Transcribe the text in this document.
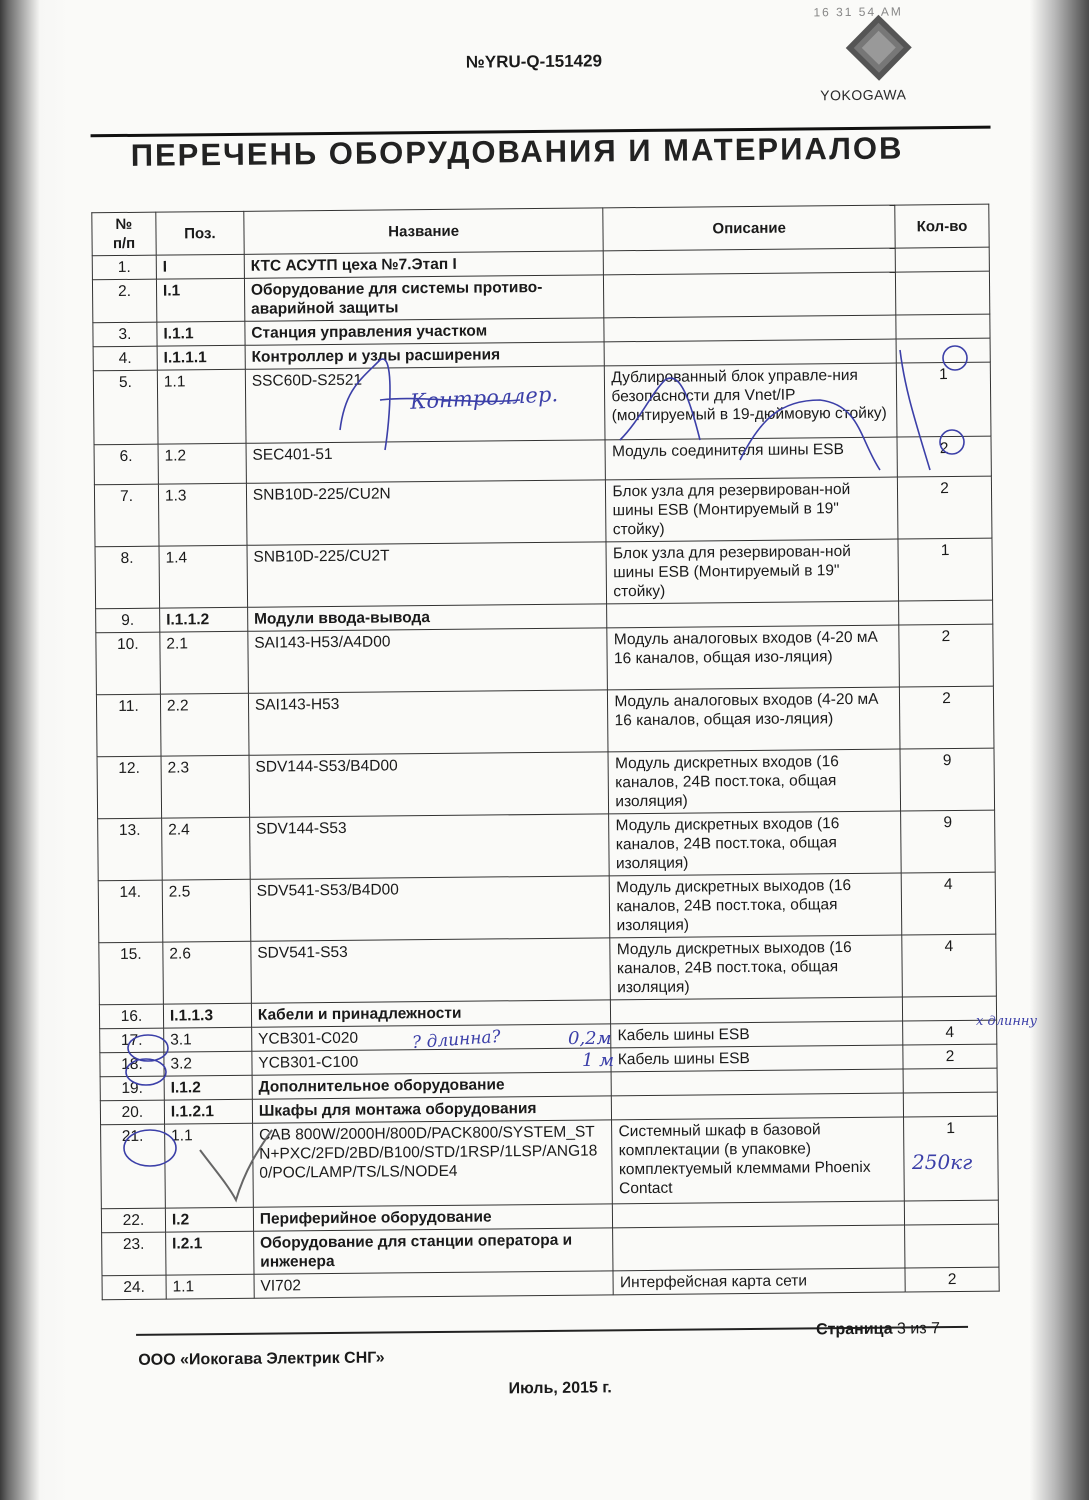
16 31 54 AM
№YRU-Q-151429
YOKOGAWA
ПЕРЕЧЕНЬ ОБОРУДОВАНИЯ И МАТЕРИАЛОВ
№
п/п	Поз.	Название	Описание	Кол-во
1.	I	КТС АСУТП цеха №7.Этап I		
2.	I.1	Оборудование для системы противо-аварийной защиты		
3.	I.1.1	Станция управления участком		
4.	I.1.1.1	Контроллер и узлы расширения		
5.	1.1	SSC60D-S2521	Дублированный блок управле-ния безопасности для Vnet/IP (монтируемый в 19-дюймовую стойку)	1
6.	1.2	SEC401-51	Модуль соединителя шины ESB	2
7.	1.3	SNB10D-225/CU2N	Блок узла для резервирован-ной шины ESB (Монтируемый в 19" стойку)	2
8.	1.4	SNB10D-225/CU2T	Блок узла для резервирован-ной шины ESB (Монтируемый в 19" стойку)	1
9.	I.1.1.2	Модули ввода-вывода		
10.	2.1	SAI143-H53/A4D00	Модуль аналоговых входов (4-20 мА 16 каналов, общая изо-ляция)	2
11.	2.2	SAI143-H53	Модуль аналоговых входов (4-20 мА 16 каналов, общая изо-ляция)	2
12.	2.3	SDV144-S53/B4D00	Модуль дискретных входов (16 каналов, 24В пост.тока, общая изоляция)	9
13.	2.4	SDV144-S53	Модуль дискретных входов (16 каналов, 24В пост.тока, общая изоляция)	9
14.	2.5	SDV541-S53/B4D00	Модуль дискретных выходов (16 каналов, 24В пост.тока, общая изоляция)	4
15.	2.6	SDV541-S53	Модуль дискретных выходов (16 каналов, 24В пост.тока, общая изоляция)	4
16.	I.1.1.3	Кабели и принадлежности		
17.	3.1	YCB301-C020	Кабель шины ESB	4
18.	3.2	YCB301-C100	Кабель шины ESB	2
19.	I.1.2	Дополнительное оборудование		
20.	I.1.2.1	Шкафы для монтажа оборудования		
21.	1.1	CAB 800W/2000H/800D/PACK800/SYSTEM_STN+PXC/2FD/2BD/B100/STD/1RSP/1LSP/ANG180/POC/LAMP/TS/LS/NODE4	Системный шкаф в базовой комплектации (в упаковке) комплектуемый клеммами Phoenix Contact	1
22.	I.2	Периферийное оборудование		
23.	I.2.1	Оборудование для станции оператора и инженера		
24.	1.1	VI702	Интерфейсная карта сети	2
Страница 3 из 7
ООО «Иокогава Электрик СНГ»
Июль, 2015 г.
Контроллер.
? длинна?	0,2м
1 м
х длинну
250кг
